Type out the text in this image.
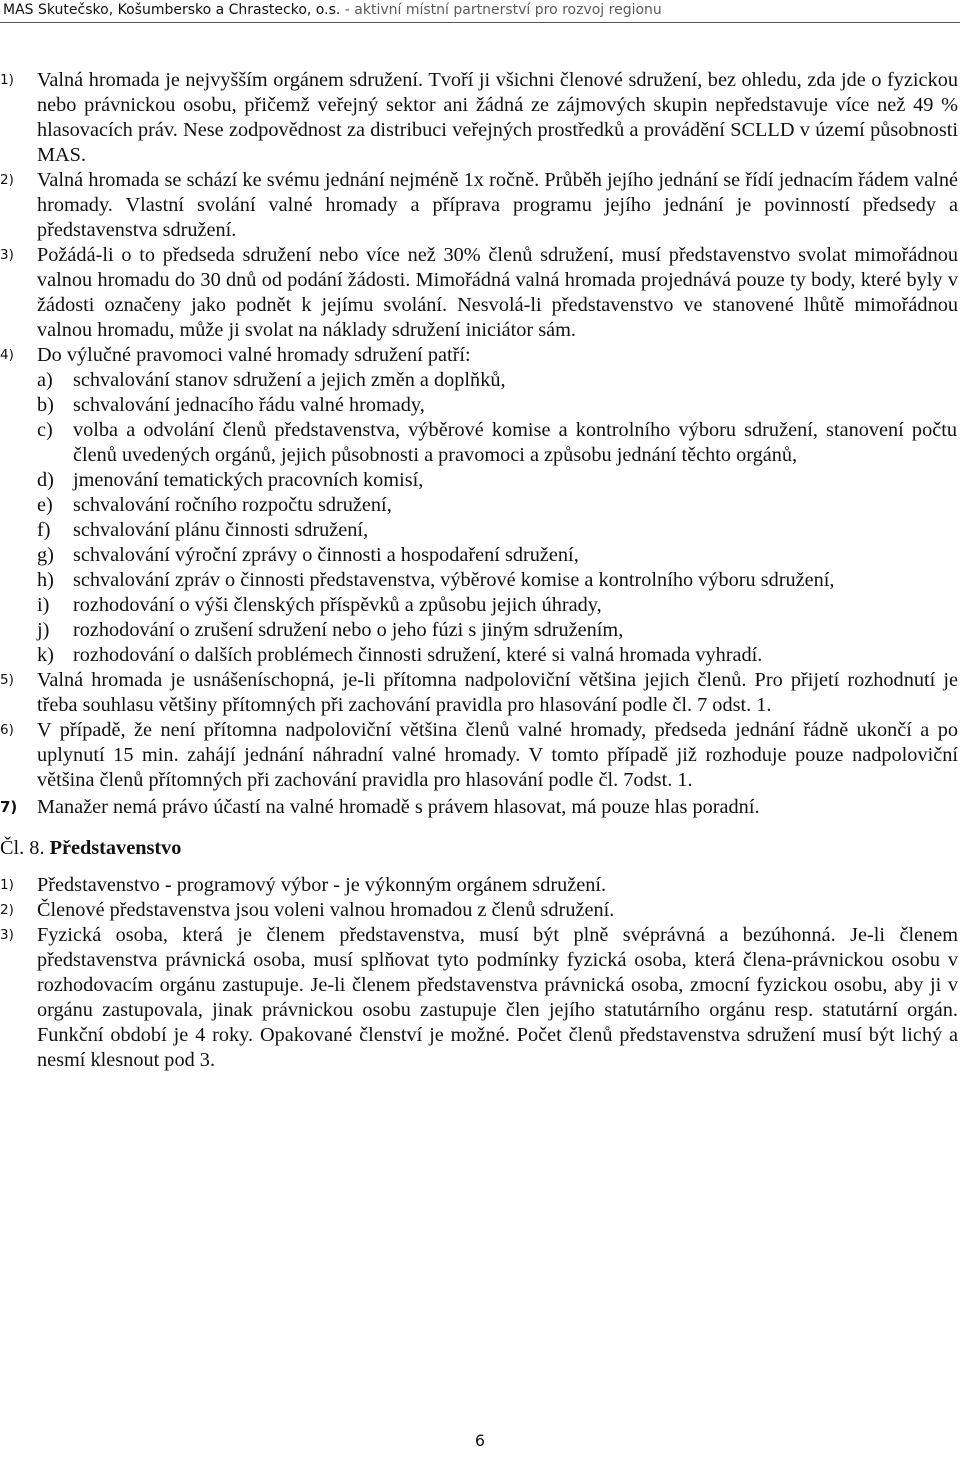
MAS Skutečsko, Košumbersko a Chrastecko, o.s. - aktivní místní partnerství pro rozvoj regionu

1) Valná hromada je nejvyšším orgánem sdružení. Tvoří ji všichni členové sdružení, bez ohledu, zda jde o fyzickou nebo právnickou osobu, přičemž veřejný sektor ani žádná ze zájmových skupin nepředstavuje více než 49 % hlasovacích práv. Nese zodpovědnost za distribuci veřejných prostředků a provádění SCLLD v území působnosti MAS.

2) Valná hromada se schází ke svému jednání nejméně 1x ročně. Průběh jejího jednání se řídí jednacím řádem valné hromady. Vlastní svolání valné hromady a příprava programu jejího jednání je povinností předsedy a představenstva sdružení.

3) Požádá-li o to předseda sdružení nebo více než 30% členů sdružení, musí představenstvo svolat mimořádnou valnou hromadu do 30 dnů od podání žádosti. Mimořádná valná hromada projednává pouze ty body, které byly v žádosti označeny jako podnět k jejímu svolání. Nesvolá-li představenstvo ve stanovené lhůtě mimořádnou valnou hromadu, může ji svolat na náklady sdružení iniciátor sám.

4) Do výlučné pravomoci valné hromady sdružení patří:
a) schvalování stanov sdružení a jejich změn a doplňků,
b) schvalování jednacího řádu valné hromady,
c) volba a odvolání členů představenstva, výběrové komise a kontrolního výboru sdružení, stanovení počtu členů uvedených orgánů, jejich působnosti a pravomoci a způsobu jednání těchto orgánů,
d) jmenování tematických pracovních komisí,
e) schvalování ročního rozpočtu sdružení,
f) schvalování plánu činnosti sdružení,
g) schvalování výroční zprávy o činnosti a hospodaření sdružení,
h) schvalování zpráv o činnosti představenstva, výběrové komise a kontrolního výboru sdružení,
i) rozhodování o výši členských příspěvků a způsobu jejich úhrady,
j) rozhodování o zrušení sdružení nebo o jeho fúzi s jiným sdružením,
k) rozhodování o dalších problémech činnosti sdružení, které si valná hromada vyhradí.

5) Valná hromada je usnášeníschopná, je-li přítomna nadpoloviční většina jejich členů. Pro přijetí rozhodnutí je třeba souhlasu většiny přítomných při zachování pravidla pro hlasování podle čl. 7 odst. 1.

6) V případě, že není přítomna nadpoloviční většina členů valné hromady, předseda jednání řádně ukončí a po uplynutí 15 min. zahájí jednání náhradní valné hromady. V tomto případě již rozhoduje pouze nadpoloviční většina členů přítomných při zachování pravidla pro hlasování podle čl. 7odst. 1.

7) Manažer nemá právo účastí na valné hromadě s právem hlasovat, má pouze hlas poradní.

Čl. 8. Představenstvo

1) Představenstvo - programový výbor - je výkonným orgánem sdružení.

2) Členové představenstva jsou voleni valnou hromadou z členů sdružení.

3) Fyzická osoba, která je členem představenstva, musí být plně svéprávná a bezúhonná. Je-li členem představenstva právnická osoba, musí splňovat tyto podmínky fyzická osoba, která člena-právnickou osobu v rozhodovacím orgánu zastupuje. Je-li členem představenstva právnická osoba, zmocní fyzickou osobu, aby ji v orgánu zastupovala, jinak právnickou osobu zastupuje člen jejího statutárního orgánu resp. statutární orgán. Funkční období je 4 roky. Opakované členství je možné. Počet členů představenstva sdružení musí být lichý a nesmí klesnout pod 3.

6
